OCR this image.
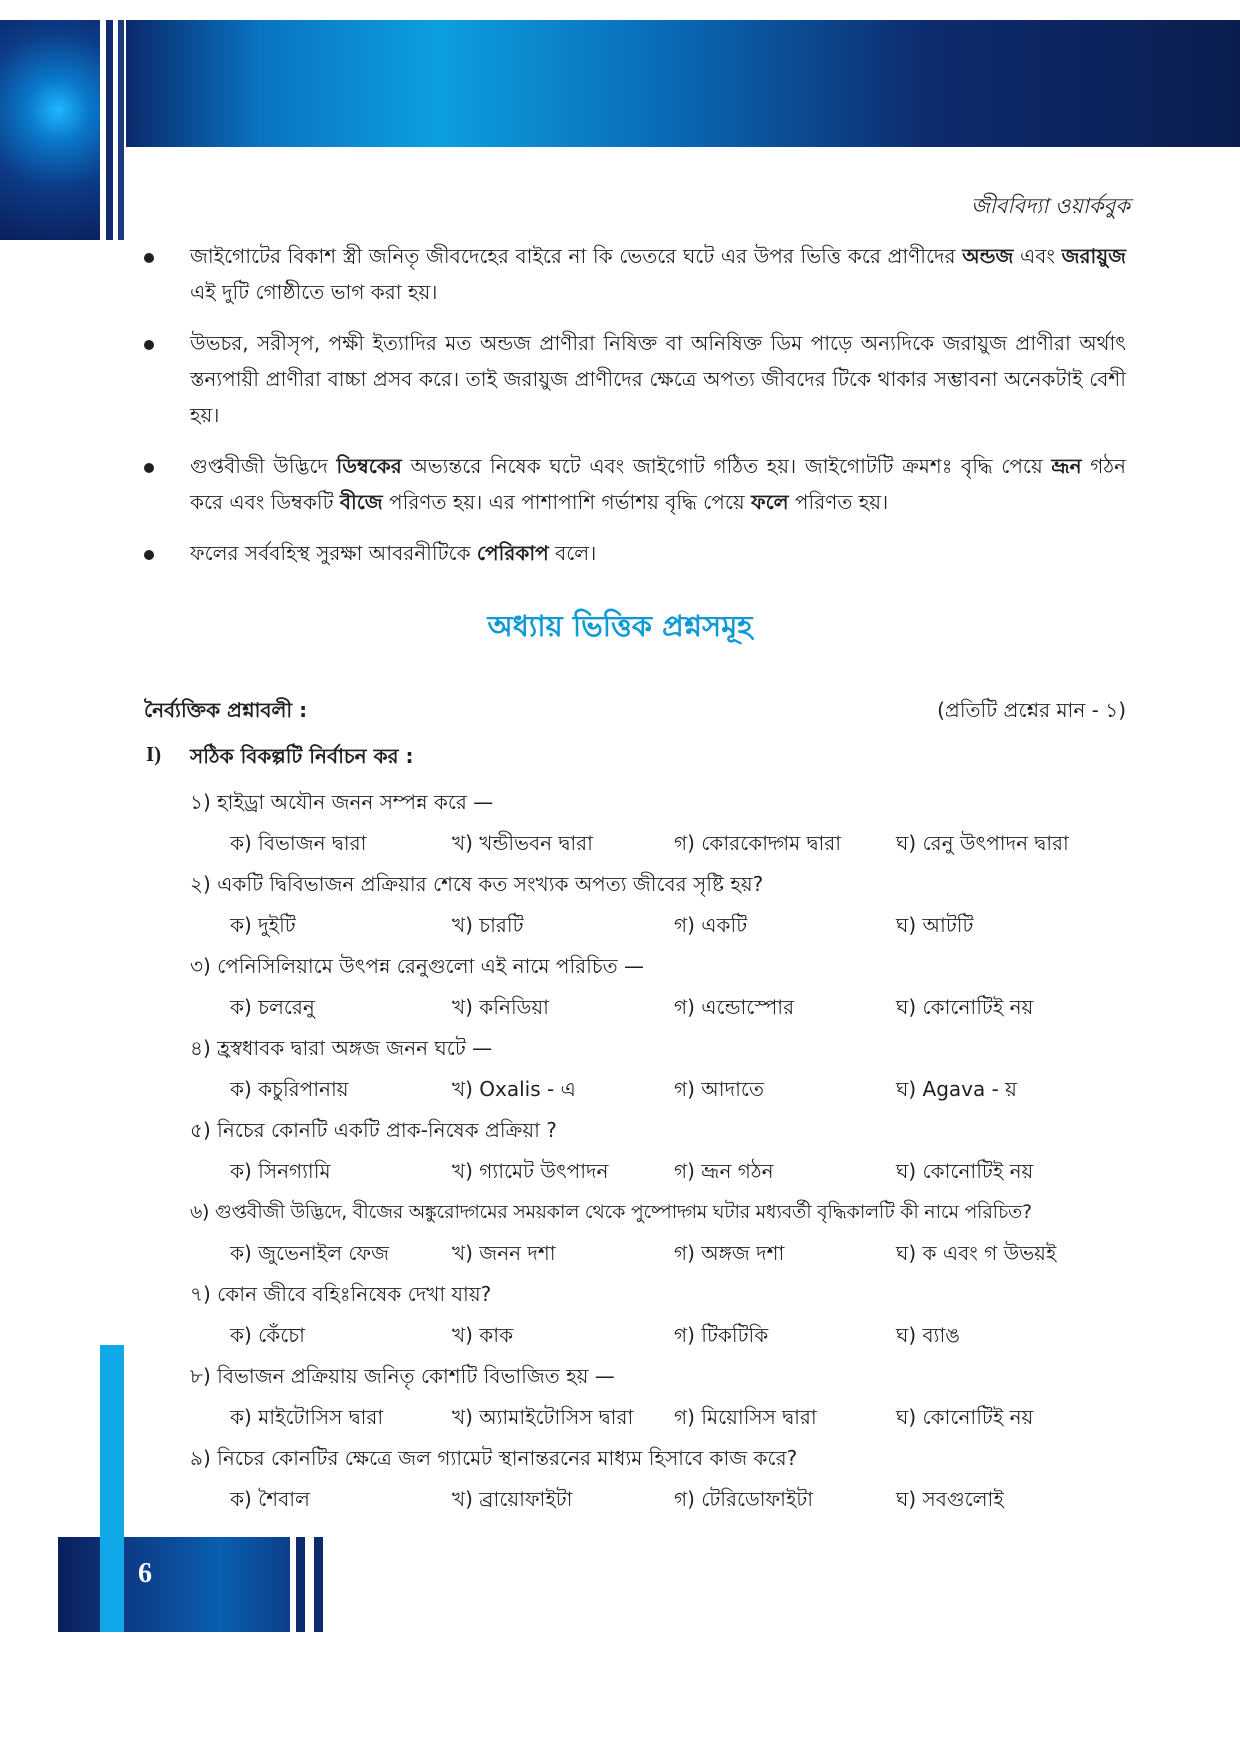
জীববিদ্যা ওয়ার্কবুক
জাইগোটের বিকাশ স্ত্রী জনিতৃ জীবদেহের বাইরে না কি ভেতরে ঘটে এর উপর ভিত্তি করে প্রাণীদের অন্ডজ এবং জরায়ুজ এই দুটি গোষ্ঠীতে ভাগ করা হয়।
উভচর, সরীসৃপ, পক্ষী ইত্যাদির মত অন্ডজ প্রাণীরা নিষিক্ত বা অনিষিক্ত ডিম পাড়ে অন্যদিকে জরায়ুজ প্রাণীরা অর্থাৎ স্তন্যপায়ী প্রাণীরা বাচ্চা প্রসব করে। তাই জরায়ুজ প্রাণীদের ক্ষেত্রে অপত্য জীবদের টিকে থাকার সম্ভাবনা অনেকটাই বেশী হয়।
গুপ্তবীজী উদ্ভিদে ডিম্বকের অভ্যন্তরে নিষেক ঘটে এবং জাইগোট গঠিত হয়। জাইগোটটি ক্রমশঃ বৃদ্ধি পেয়ে ভ্রূন গঠন করে এবং ডিম্বকটি বীজে পরিণত হয়। এর পাশাপাশি গর্ভাশয় বৃদ্ধি পেয়ে ফলে পরিণত হয়।
ফলের সর্ববহিস্থ সুরক্ষা আবরনীটিকে পেরিকাপ বলে।
অধ্যায় ভিত্তিক প্রশ্নসমূহ
নৈর্ব্যক্তিক প্রশ্নাবলী :	(প্রতিটি প্রশ্নের মান - ১)
I) সঠিক বিকল্পটি নির্বাচন কর :
১) হাইড্রা অযৌন জনন সম্পন্ন করে —
ক) বিভাজন দ্বারা	খ) খন্ডীভবন দ্বারা	গ) কোরকোদ্গম দ্বারা	ঘ) রেনু উৎপাদন দ্বারা
২) একটি দ্বিবিভাজন প্রক্রিয়ার শেষে কত সংখ্যক অপত্য জীবের সৃষ্টি হয়?
ক) দুইটি	খ) চারটি	গ) একটি	ঘ) আটটি
৩) পেনিসিলিয়ামে উৎপন্ন রেনুগুলো এই নামে পরিচিত —
ক) চলরেনু	খ) কনিডিয়া	গ) এন্ডোস্পোর	ঘ) কোনোটিই নয়
৪) হ্রস্বধাবক দ্বারা অঙ্গজ জনন ঘটে —
ক) কচুরিপানায়	খ) Oxalis - এ	গ) আদাতে	ঘ) Agava - য়
৫) নিচের কোনটি একটি প্রাক-নিষেক প্রক্রিয়া ?
ক) সিনগ্যামি	খ) গ্যামেট উৎপাদন	গ) ভ্রূন গঠন	ঘ) কোনোটিই নয়
৬) গুপ্তবীজী উদ্ভিদে, বীজের অঙ্কুরোদ্গমের সময়কাল থেকে পুষ্পোদ্গম ঘটার মধ্যবর্তী বৃদ্ধিকালটি কী নামে পরিচিত?
ক) জুভেনাইল ফেজ	খ) জনন দশা	গ) অঙ্গজ দশা	ঘ) ক এবং গ উভয়ই
৭) কোন জীবে বহিঃনিষেক দেখা যায়?
ক) কেঁচো	খ) কাক	গ) টিকটিকি	ঘ) ব্যাঙ
৮) বিভাজন প্রক্রিয়ায় জনিতৃ কোশটি বিভাজিত হয় —
ক) মাইটোসিস দ্বারা	খ) অ্যামাইটোসিস দ্বারা গ) মিয়োসিস দ্বারা	ঘ) কোনোটিই নয়
৯) নিচের কোনটির ক্ষেত্রে জল গ্যামেট স্থানান্তরনের মাধ্যম হিসাবে কাজ করে?
ক) শৈবাল	খ) ব্রায়োফাইটা	গ) টেরিডোফাইটা	ঘ) সবগুলোই
6
